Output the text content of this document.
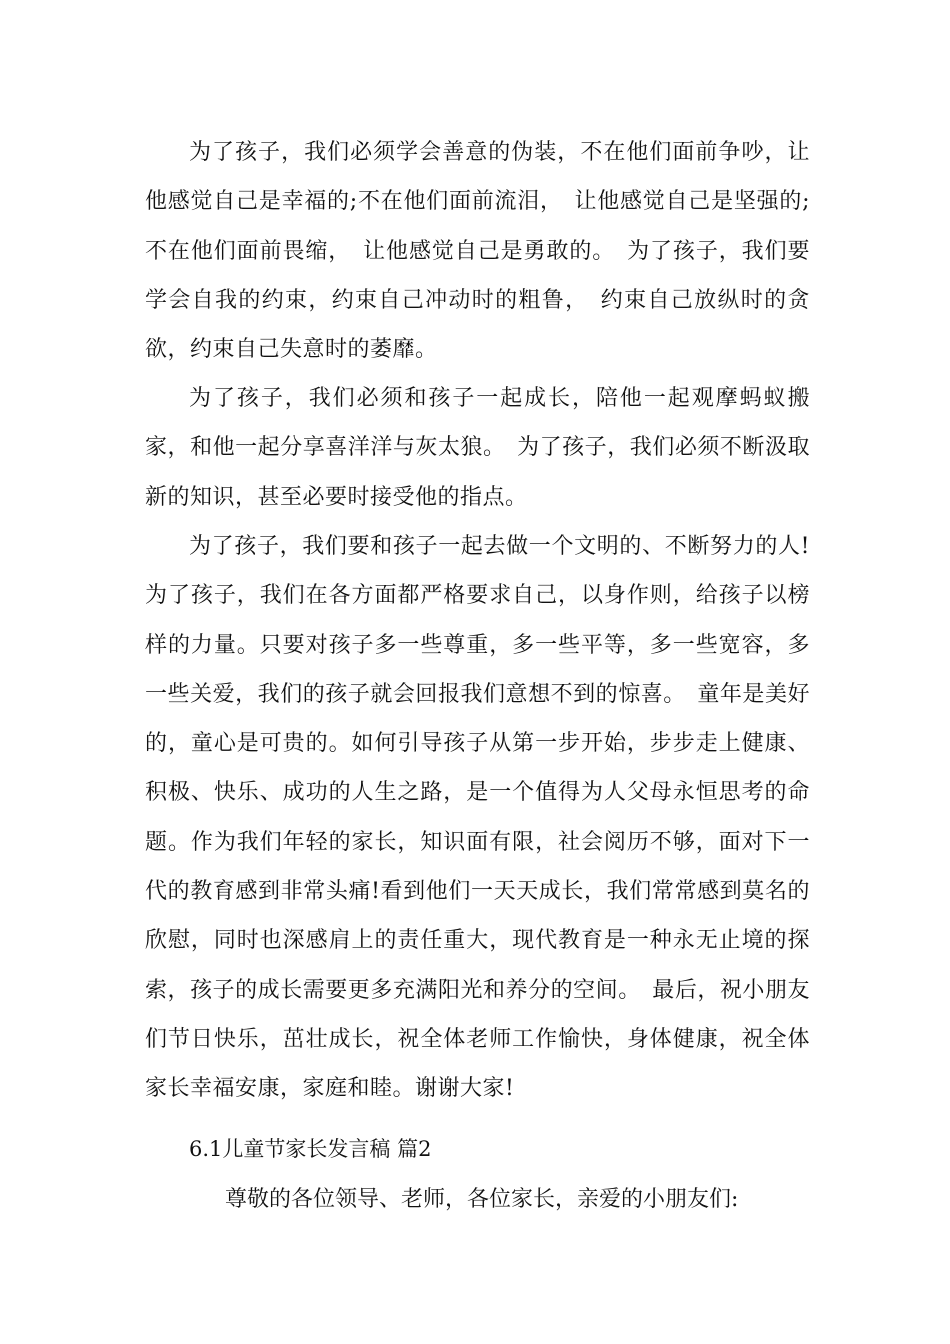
为了孩子，我们必须学会善意的伪装，不在他们面前争吵，让他感觉自己是幸福的;不在他们面前流泪，　让他感觉自己是坚强的;不在他们面前畏缩，　让他感觉自己是勇敢的。　为了孩子，我们要学会自我的约束，约束自己冲动时的粗鲁，　约束自己放纵时的贪欲，约束自己失意时的萎靡。

为了孩子，我们必须和孩子一起成长，陪他一起观摩蚂蚁搬家，和他一起分享喜洋洋与灰太狼。　为了孩子，我们必须不断汲取新的知识，甚至必要时接受他的指点。

为了孩子，我们要和孩子一起去做一个文明的、不断努力的人!为了孩子，我们在各方面都严格要求自己，以身作则，给孩子以榜样的力量。只要对孩子多一些尊重，多一些平等，多一些宽容，多一些关爱，我们的孩子就会回报我们意想不到的惊喜。　童年是美好的，童心是可贵的。如何引导孩子从第一步开始，步步走上健康、积极、快乐、成功的人生之路，是一个值得为人父母永恒思考的命题。作为我们年轻的家长，知识面有限，社会阅历不够，面对下一代的教育感到非常头痛!看到他们一天天成长，我们常常感到莫名的欣慰，同时也深感肩上的责任重大，现代教育是一种永无止境的探索，孩子的成长需要更多充满阳光和养分的空间。　最后，祝小朋友们节日快乐，茁壮成长，祝全体老师工作愉快，身体健康，祝全体家长幸福安康，家庭和睦。谢谢大家!

6.1儿童节家长发言稿 篇2

尊敬的各位领导、老师，各位家长，亲爱的小朋友们:
